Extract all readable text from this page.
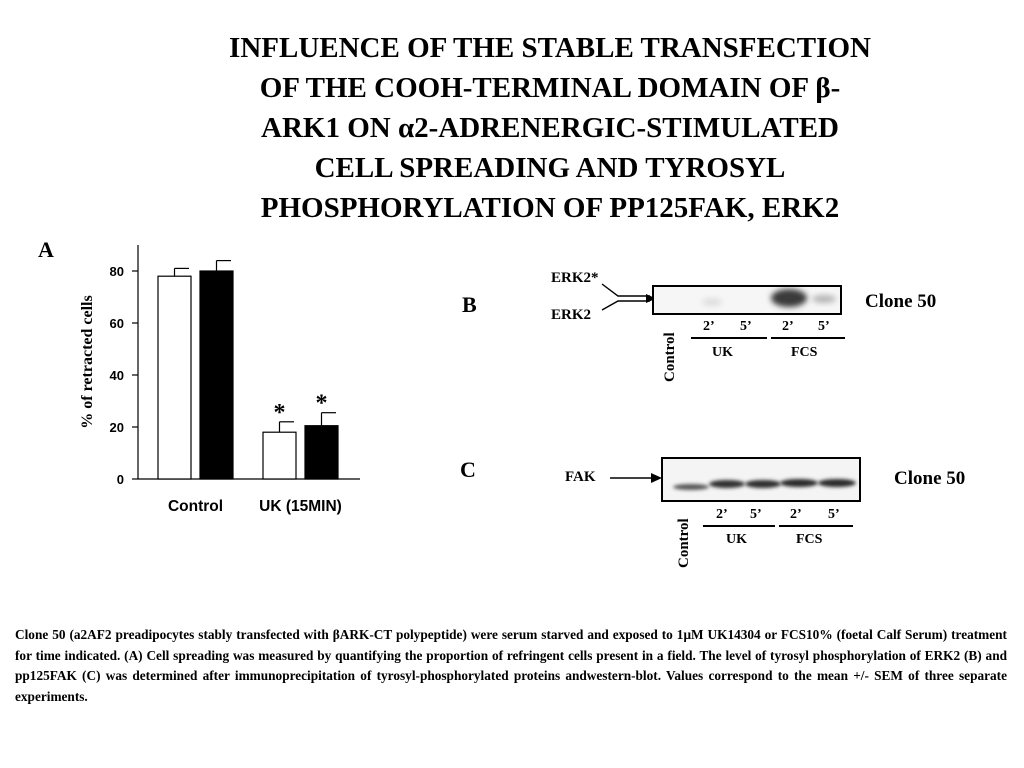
INFLUENCE OF THE STABLE TRANSFECTION
OF THE COOH-TERMINAL DOMAIN OF β-
ARK1 ON α2-ADRENERGIC-STIMULATED
CELL SPREADING AND TYROSYL
PHOSPHORYLATION OF PP125FAK, ERK2
A
0
20
40
60
80
% of retracted cells
Control
* *
UK (15MIN)
B
ERK2*
ERK2
Clone 50
Control
2’ 5’ 2’ 5’
UK	FCS
C	FAK	Clone 50
Control
2’ 5’ 2’ 5’
UK	FCS
Clone 50 (a2AF2 preadipocytes stably transfected with βARK-CT polypeptide) were serum starved and exposed to 1μM UK14304 or FCS10% (foetal Calf Serum) treatment for time indicated. (A) Cell spreading was measured by quantifying the proportion of refringent cells present in a field. The level of tyrosyl phosphorylation of ERK2 (B) and pp125FAK (C) was determined after immunoprecipitation of tyrosyl-phosphorylated proteins andwestern-blot. Values correspond to the mean +/- SEM of three separate experiments.
